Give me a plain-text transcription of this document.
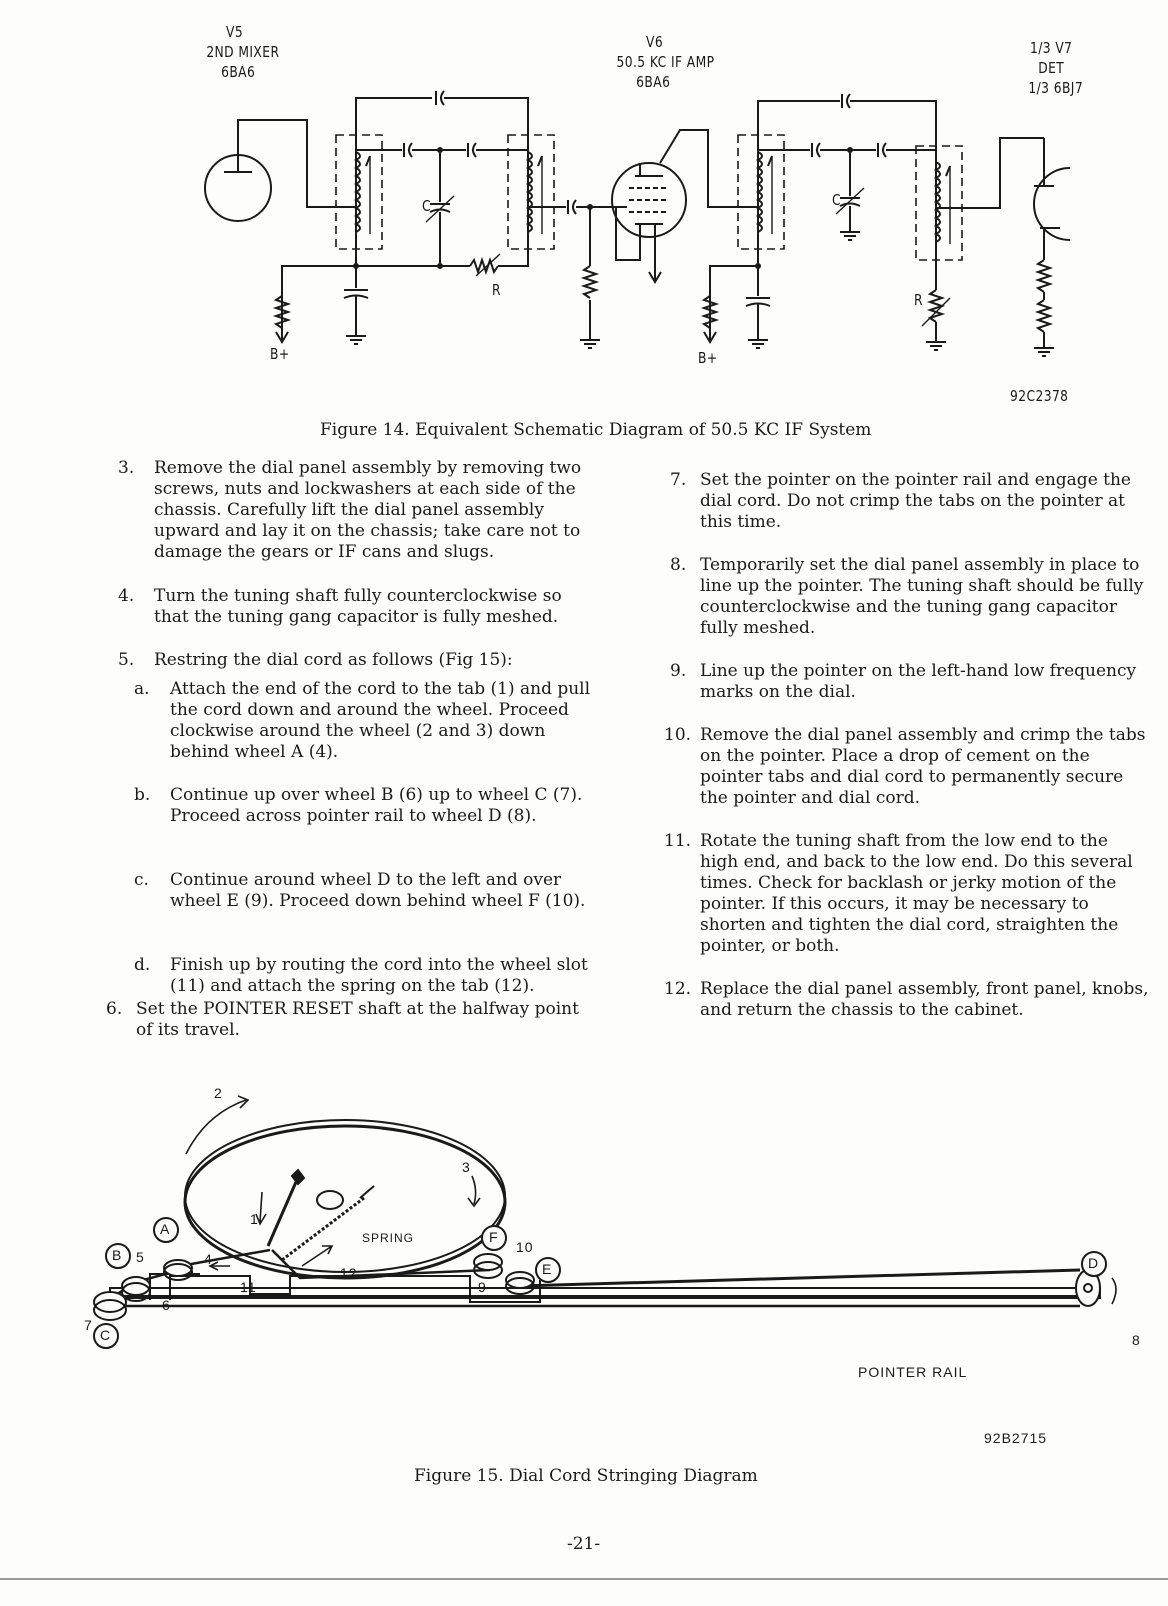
V5
2ND MIXER
6BA6
V6
50.5 KC IF AMP
6BA6
1/3 V7
DET
1/3 6BJ7
C	C
R
R
B+	B+
92C2378
Figure 14. Equivalent Schematic Diagram of 50.5 KC IF System
3. Remove the dial panel assembly by removing two screws, nuts and lockwashers at each side of the chassis. Carefully lift the dial panel assembly upward and lay it on the chassis; take care not to damage the gears or IF cans and slugs.
4. Turn the tuning shaft fully counterclockwise so that the tuning gang capacitor is fully meshed.
5. Restring the dial cord as follows (Fig 15):
a. Attach the end of the cord to the tab (1) and pull the cord down and around the wheel. Proceed clockwise around the wheel (2 and 3) down behind wheel A (4).
b. Continue up over wheel B (6) up to wheel C (7). Proceed across pointer rail to wheel D (8).
c. Continue around wheel D to the left and over wheel E (9). Proceed down behind wheel F (10).
d. Finish up by routing the cord into the wheel slot (11) and attach the spring on the tab (12).
6. Set the POINTER RESET shaft at the halfway point of its travel.
7. Set the pointer on the pointer rail and engage the dial cord. Do not crimp the tabs on the pointer at this time.
8. Temporarily set the dial panel assembly in place to line up the pointer. The tuning shaft should be fully counterclockwise and the tuning gang capacitor fully meshed.
9. Line up the pointer on the left-hand low frequency marks on the dial.
10. Remove the dial panel assembly and crimp the tabs on the pointer. Place a drop of cement on the pointer tabs and dial cord to permanently secure the pointer and dial cord.
11. Rotate the tuning shaft from the low end to the high end, and back to the low end. Do this several times. Check for backlash or jerky motion of the pointer. If this occurs, it may be necessary to shorten and tighten the dial cord, straighten the pointer, or both.
12. Replace the dial panel assembly, front panel, knobs, and return the chassis to the cabinet.
A
B
C
D
E
F
1
2
3
4
5
6
7
8
9
10
11
12
SPRING
POINTER RAIL
92B2715
Figure 15. Dial Cord Stringing Diagram
-21-
